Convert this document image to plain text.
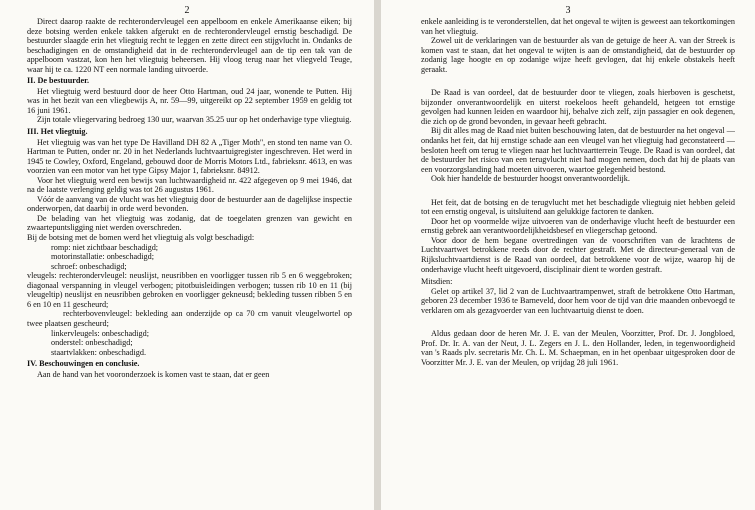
2

Direct daarop raakte de rechterondervleugel een appelboom en enkele Amerikaanse eiken; bij deze botsing werden enkele takken afgerukt en de rechterondervleugel ernstig beschadigd. De bestuurder slaagde erin het vliegtuig recht te leggen en zette direct een stijgvlucht in. Ondanks de beschadigingen en de omstandigheid dat in de rechterondervleugel aan de tip een tak van de appelboom vastzat, kon hen het vliegtuig beheersen. Hij vloog terug naar het vliegveld Teuge, waar hij te ca. 1220 NT een normale landing uitvoerde.

II. De bestuurder.

Het vliegtuig werd bestuurd door de heer Otto Hartman, oud 24 jaar, wonende te Putten. Hij was in het bezit van een vliegbewijs A, nr. 59—99, uitgereikt op 22 september 1959 en geldig tot 16 juni 1961.

Zijn totale vliegervaring bedroeg 130 uur, waarvan 35.25 uur op het onderhavige type vliegtuig.

III. Het vliegtuig.

Het vliegtuig was van het type De Havilland DH 82 A „Tiger Moth", en stond ten name van O. Hartman te Putten, onder nr. 20 in het Nederlands luchtvaartuigregister ingeschreven. Het werd in 1945 te Cowley, Oxford, Engeland, gebouwd door de Morris Motors Ltd., fabrieksnr. 4613, en was voorzien van een motor van het type Gipsy Major 1, fabrieksnr. 84912.

Voor het vliegtuig werd een bewijs van luchtwaardigheid nr. 422 afgegeven op 9 mei 1946, dat na de laatste verlenging geldig was tot 26 augustus 1961.

Vóór de aanvang van de vlucht was het vliegtuig door de bestuurder aan de dagelijkse inspectie onderworpen, dat daarbij in orde werd bevonden.

De belading van het vliegtuig was zodanig, dat de toegelaten grenzen van gewicht en zwaartepuntsligging niet werden overschreden.

Bij de botsing met de bomen werd het vliegtuig als volgt beschadigd:

romp: niet zichtbaar beschadigd;

motorinstallatie: onbeschadigd;

schroef: onbeschadigd;

vleugels: rechterondervleugel: neuslijst, neusribben en voorligger tussen rib 5 en 6 weggebroken; diagonaal verspanning in vleugel verbogen; pitotbuisleidingen verbogen; tussen rib 10 en 11 (bij vleugeltip) neuslijst en neusribben gebroken en voorligger geknеusd; bekleding tussen ribben 5 en 6 en 10 en 11 gescheurd;

rechterbovenvleugel: bekleding aan onderzijde op ca 70 cm vanuit vleugelwortel op twee plaatsen gescheurd;

linkervleugels: onbeschadigd;

onderstel: onbeschadigd;

staartvlakken: onbeschadigd.

IV. Beschouwingen en conclusie.

Aan de hand van het vooronderzoek is komen vast te staan, dat er geen

3

enkele aanleiding is te veronderstellen, dat het ongeval te wijten is geweest aan tekortkomingen van het vliegtuig.

Zowel uit de verklaringen van de bestuurder als van de getuige de heer A. van der Streek is komen vast te staan, dat het ongeval te wijten is aan de omstandigheid, dat de bestuurder op zodanig lage hoogte en op zodanige wijze heeft gevlogen, dat hij enkele obstakels heeft geraakt.

De Raad is van oordeel, dat de bestuurder door te vliegen, zoals hierboven is geschetst, bijzonder onverantwoordelijk en uiterst roekeloos heeft gehandeld, hetgeen tot ernstige gevolgen had kunnen leiden en waardoor hij, behalve zich zelf, zijn passagier en ook degenen, die zich op de grond bevonden, in gevaar heeft gebracht.

Bij dit alles mag de Raad niet buiten beschouwing laten, dat de bestuurder na het ongeval — ondanks het feit, dat hij ernstige schade aan een vleugel van het vliegtuig had geconstateerd — besloten heeft om terug te vliegen naar het luchtvaartterrein Teuge. De Raad is van oordeel, dat de bestuurder het risico van een terugvlucht niet had mogen nemen, doch dat hij de plaats van een voorzorgslanding had moeten uitvoeren, waartoe gelegenheid bestond.

Ook hier handelde de bestuurder hoogst onverantwoordelijk.

Het feit, dat de botsing en de terugvlucht met het beschadigde vliegtuig niet hebben geleid tot een ernstig ongeval, is uitsluitend aan gelukkige factoren te danken.

Door het op voormelde wijze uitvoeren van de onderhavige vlucht heeft de bestuurder een ernstig gebrek aan verantwoordelijkheidsbesef en vliegerschap getoond.

Voor door de hem begane overtredingen van de voorschriften van de krachtens de Luchtvaartwet betrokkene reeds door de rechter gestraft. Met de directeur-generaal van de Rijksluchtvaartdienst is de Raad van oordeel, dat betrokkene voor de wijze, waarop hij de onderhavige vlucht heeft uitgevoerd, disciplinair dient te worden gestraft.

Mitsdien:

Gelet op artikel 37, lid 2 van de Luchtvaartrampenwet, straft de betrokkene Otto Hartman, geboren 23 december 1936 te Barneveld, door hem voor de tijd van drie maanden onbevoegd te verklaren om als gezagvoerder van een luchtvaartuig dienst te doen.

Aldus gedaan door de heren Mr. J. E. van der Meulen, Voorzitter, Prof. Dr. J. Jongbloed, Prof. Dr. Ir. A. van der Neut, J. L. Zegers en J. L. den Hollander, leden, in tegenwoordigheid van 's Raads plv. secretaris Mr. Ch. L. M. Schaepman, en in het openbaar uitgesproken door de Voorzitter Mr. J. E. van der Meulen, op vrijdag 28 juli 1961.
